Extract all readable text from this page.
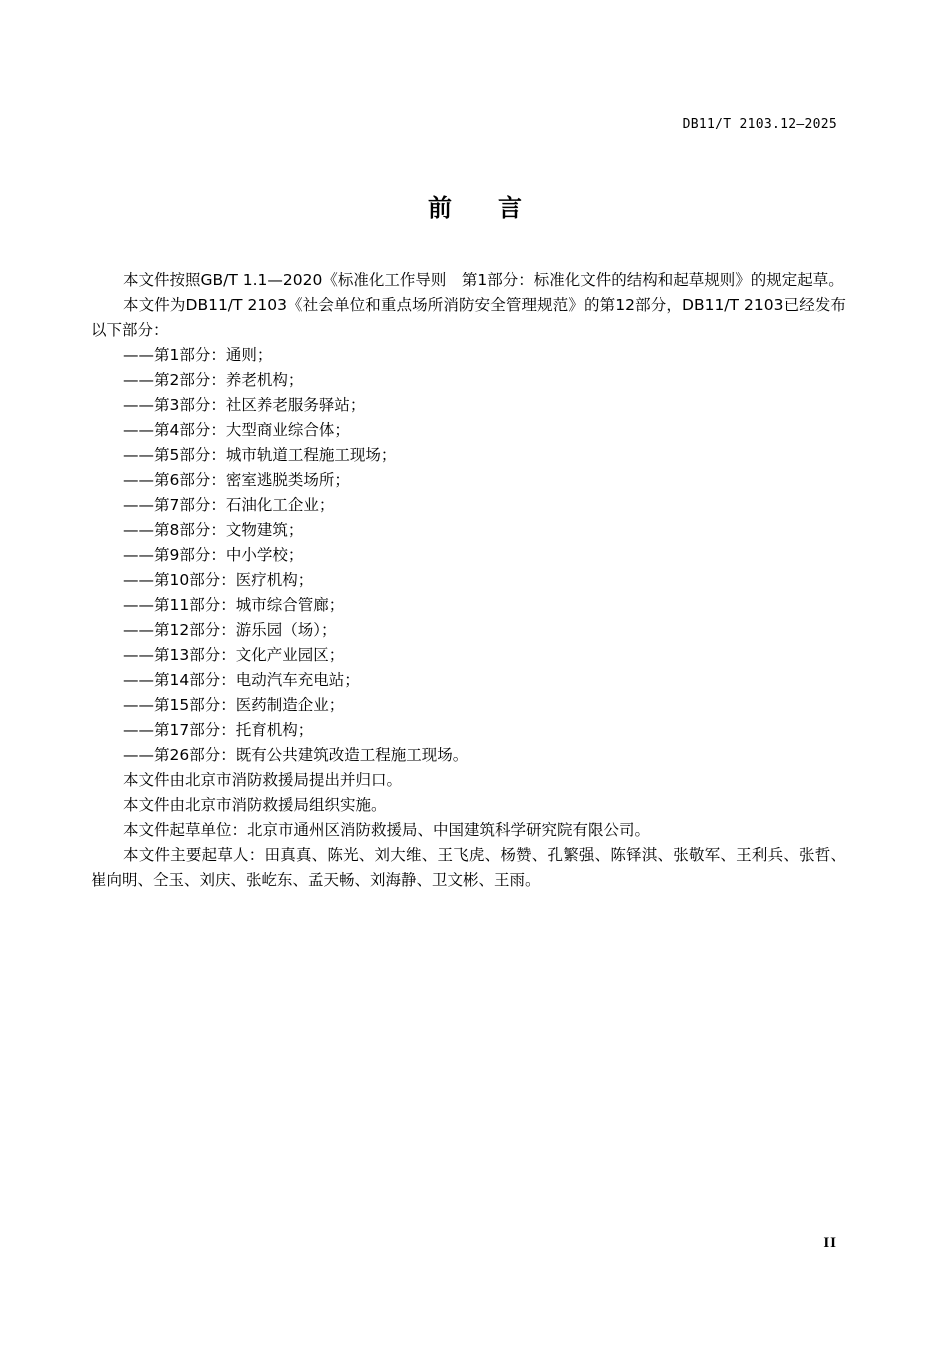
DB11/T 2103.12—2025
前言

本文件按照GB/T 1.1—2020《标准化工作导则　第1部分：标准化文件的结构和起草规则》的规定起草。

本文件为DB11/T 2103《社会单位和重点场所消防安全管理规范》的第12部分，DB11/T 2103已经发布以下部分：

——第1部分：通则；
——第2部分：养老机构；
——第3部分：社区养老服务驿站；
——第4部分：大型商业综合体；
——第5部分：城市轨道工程施工现场；
——第6部分：密室逃脱类场所；
——第7部分：石油化工企业；
——第8部分：文物建筑；
——第9部分：中小学校；
——第10部分：医疗机构；
——第11部分：城市综合管廊；
——第12部分：游乐园（场）；
——第13部分：文化产业园区；
——第14部分：电动汽车充电站；
——第15部分：医药制造企业；
——第17部分：托育机构；
——第26部分：既有公共建筑改造工程施工现场。

本文件由北京市消防救援局提出并归口。

本文件由北京市消防救援局组织实施。

本文件起草单位：北京市通州区消防救援局、中国建筑科学研究院有限公司。

本文件主要起草人：田真真、陈光、刘大维、王飞虎、杨赞、孔繁强、陈铎淇、张敬军、王利兵、张哲、崔向明、仝玉、刘庆、张屹东、孟天畅、刘海静、卫文彬、王雨。

II
